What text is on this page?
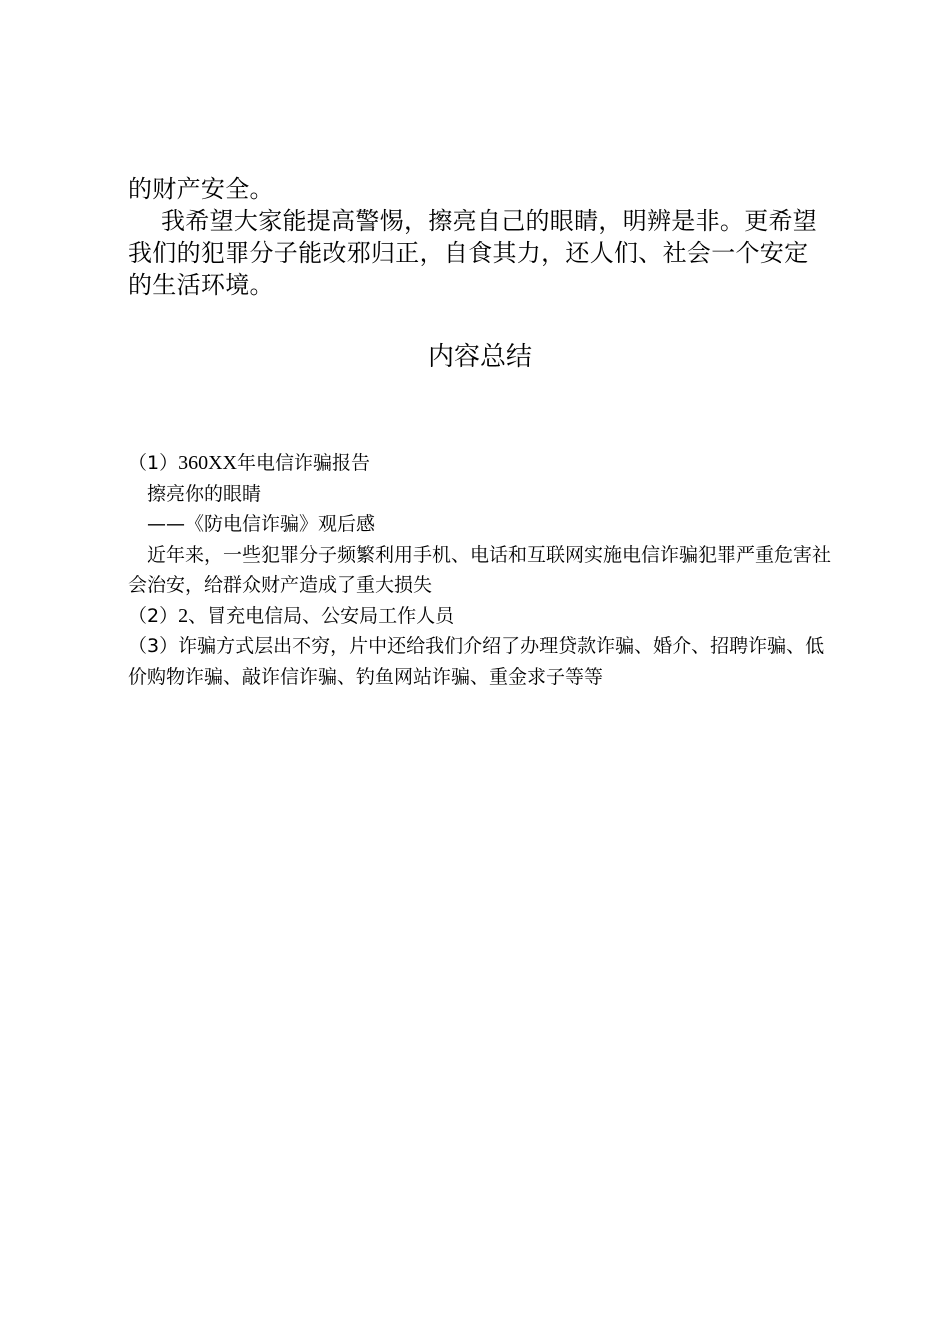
的财产安全。

我希望大家能提高警惕，擦亮自己的眼睛，明辨是非。更希望我们的犯罪分子能改邪归正，自食其力，还人们、社会一个安定的生活环境。

内容总结

（1）360XX年电信诈骗报告

擦亮你的眼睛

——《防电信诈骗》观后感

近年来，一些犯罪分子频繁利用手机、电话和互联网实施电信诈骗犯罪严重危害社会治安，给群众财产造成了重大损失

（2）2、冒充电信局、公安局工作人员

（3）诈骗方式层出不穷，片中还给我们介绍了办理贷款诈骗、婚介、招聘诈骗、低价购物诈骗、敲诈信诈骗、钓鱼网站诈骗、重金求子等等
